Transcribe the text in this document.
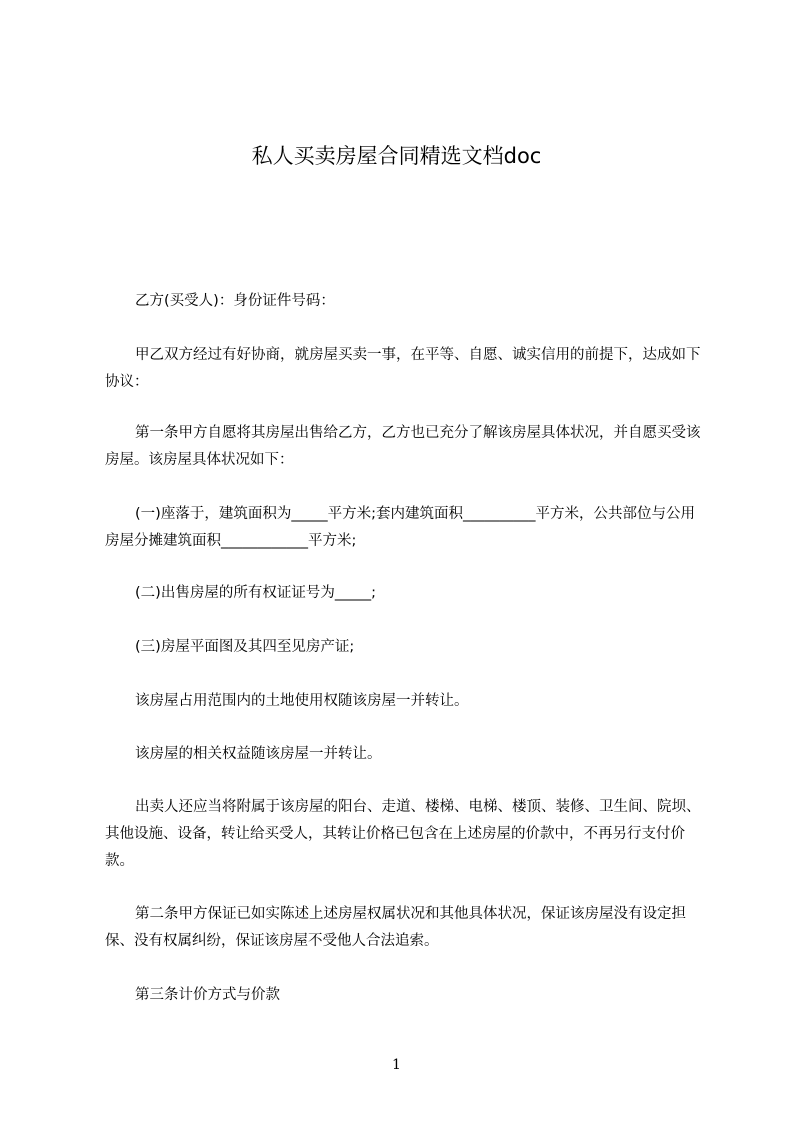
私人买卖房屋合同精选文档doc
乙方(买受人)：身份证件号码：
甲乙双方经过有好协商，就房屋买卖一事，在平等、自愿、诚实信用的前提下，达成如下协议：
第一条甲方自愿将其房屋出售给乙方，乙方也已充分了解该房屋具体状况，并自愿买受该房屋。该房屋具体状况如下：
(一)座落于，建筑面积为_____平方米;套内建筑面积__________平方米，公共部位与公用房屋分摊建筑面积____________平方米;
(二)出售房屋的所有权证证号为_____;
(三)房屋平面图及其四至见房产证;
该房屋占用范围内的土地使用权随该房屋一并转让。
该房屋的相关权益随该房屋一并转让。
出卖人还应当将附属于该房屋的阳台、走道、楼梯、电梯、楼顶、装修、卫生间、院坝、其他设施、设备，转让给买受人，其转让价格已包含在上述房屋的价款中，不再另行支付价款。
第二条甲方保证已如实陈述上述房屋权属状况和其他具体状况，保证该房屋没有设定担保、没有权属纠纷，保证该房屋不受他人合法追索。
第三条计价方式与价款
1
